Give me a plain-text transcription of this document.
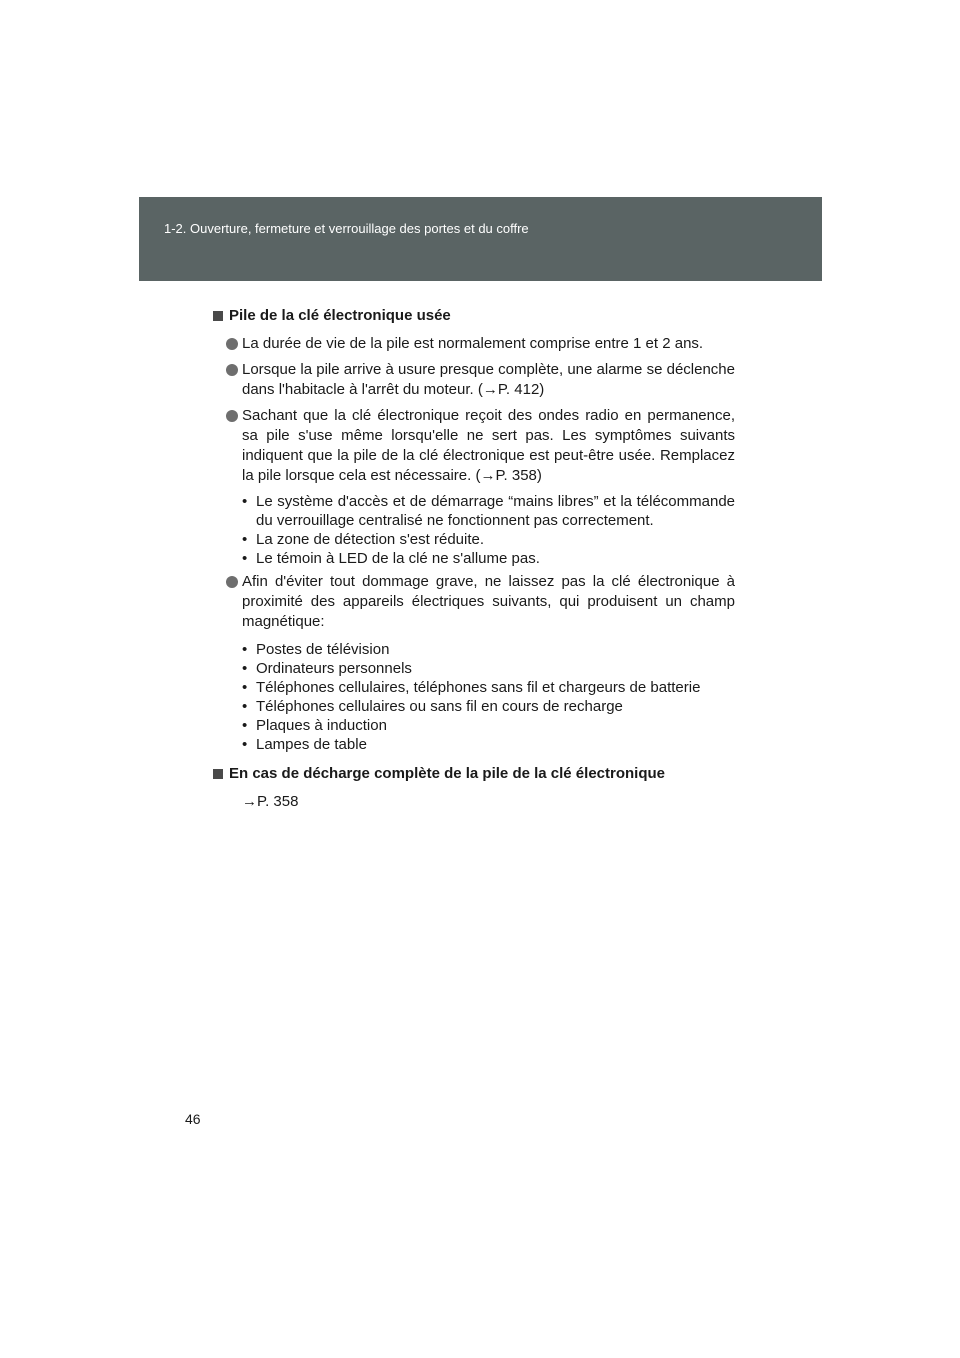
1-2. Ouverture, fermeture et verrouillage des portes et du coffre
Pile de la clé électronique usée
La durée de vie de la pile est normalement comprise entre 1 et 2 ans.
Lorsque la pile arrive à usure presque complète, une alarme se déclenche dans l'habitacle à l'arrêt du moteur. (→P. 412)
Sachant que la clé électronique reçoit des ondes radio en permanence, sa pile s'use même lorsqu'elle ne sert pas. Les symptômes suivants indiquent que la pile de la clé électronique est peut-être usée. Remplacez la pile lorsque cela est nécessaire. (→P. 358)
• Le système d'accès et de démarrage “mains libres” et la télécommande du verrouillage centralisé ne fonctionnent pas correctement.
• La zone de détection s'est réduite.
• Le témoin à LED de la clé ne s'allume pas.
Afin d'éviter tout dommage grave, ne laissez pas la clé électronique à proximité des appareils électriques suivants, qui produisent un champ magnétique:
• Postes de télévision
• Ordinateurs personnels
• Téléphones cellulaires, téléphones sans fil et chargeurs de batterie
• Téléphones cellulaires ou sans fil en cours de recharge
• Plaques à induction
• Lampes de table
En cas de décharge complète de la pile de la clé électronique
→P. 358
46
